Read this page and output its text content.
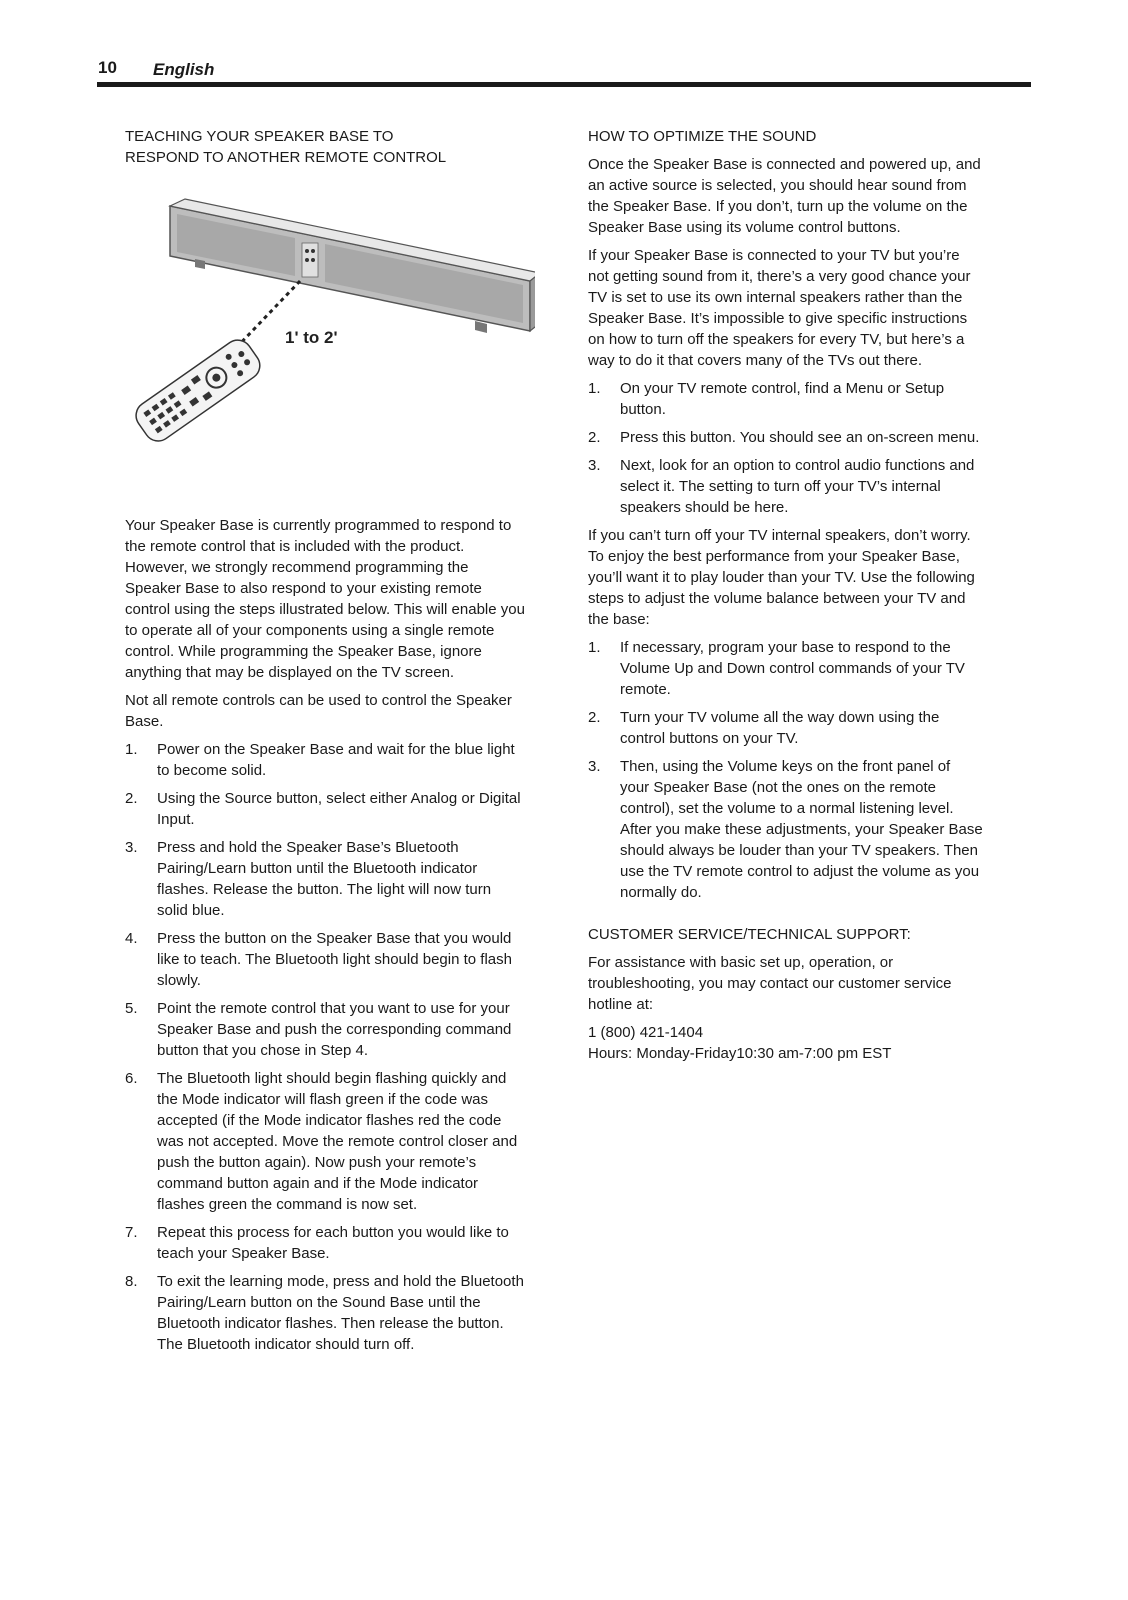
10 English
TEACHING YOUR SPEAKER BASE TO RESPOND TO ANOTHER REMOTE CONTROL
1' to 2'

Your Speaker Base is currently programmed to respond to the remote control that is included with the product. However, we strongly recommend programming the Speaker Base to also respond to your existing remote control using the steps illustrated below. This will enable you to operate all of your components using a single remote control. While programming the Speaker Base, ignore anything that may be displayed on the TV screen.

Not all remote controls can be used to control the Speaker Base.

1.	Power on the Speaker Base and wait for the blue light to become solid.
2.	Using the Source button, select either Analog or Digital Input.
3.	Press and hold the Speaker Base’s Bluetooth Pairing/Learn button until the Bluetooth indicator flashes. Release the button. The light will now turn solid blue.
4.	Press the button on the Speaker Base that you would like to teach. The Bluetooth light should begin to flash slowly.
5.	Point the remote control that you want to use for your Speaker Base and push the corresponding command button that you chose in Step 4.
6.	The Bluetooth light should begin flashing quickly and the Mode indicator will flash green if the code was accepted (if the Mode indicator flashes red the code was not accepted. Move the remote control closer and push the button again). Now push your remote’s command button again and if the Mode indicator flashes green the command is now set.
7.	Repeat this process for each button you would like to teach your Speaker Base.
8.	To exit the learning mode, press and hold the Bluetooth Pairing/Learn button on the Sound Base until the Bluetooth indicator flashes. Then release the button. The Bluetooth indicator should turn off.
HOW TO OPTIMIZE THE SOUND

Once the Speaker Base is connected and powered up, and an active source is selected, you should hear sound from the Speaker Base. If you don’t, turn up the volume on the Speaker Base using its volume control buttons.

If your Speaker Base is connected to your TV but you’re not getting sound from it, there’s a very good chance your TV is set to use its own internal speakers rather than the Speaker Base. It’s impossible to give specific instructions on how to turn off the speakers for every TV, but here’s a way to do it that covers many of the TVs out there.

1.	On your TV remote control, find a Menu or Setup button.
2.	Press this button. You should see an on-screen menu.
3.	Next, look for an option to control audio functions and select it. The setting to turn off your TV’s internal speakers should be here.

If you can’t turn off your TV internal speakers, don’t worry. To enjoy the best performance from your Speaker Base, you’ll want it to play louder than your TV. Use the following steps to adjust the volume balance between your TV and the base:

1.	If necessary, program your base to respond to the Volume Up and Down control commands of your TV remote.
2.	Turn your TV volume all the way down using the control buttons on your TV.
3.	Then, using the Volume keys on the front panel of your Speaker Base (not the ones on the remote control), set the volume to a normal listening level. After you make these adjustments, your Speaker Base should always be louder than your TV speakers. Then use the TV remote control to adjust the volume as you normally do.
CUSTOMER SERVICE/TECHNICAL SUPPORT:

For assistance with basic set up, operation, or troubleshooting, you may contact our customer service hotline at:

1 (800) 421-1404
Hours: Monday-Friday10:30 am-7:00 pm EST
